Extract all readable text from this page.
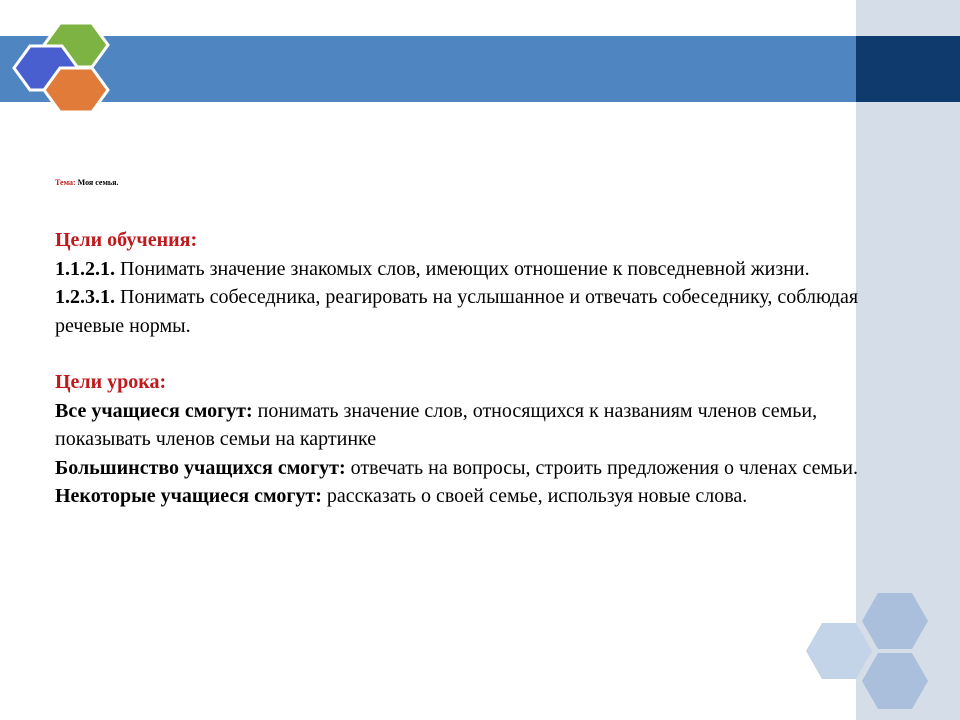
Тема: Моя семья.
Цели обучения:

1.1.2.1. Понимать значение знакомых слов, имеющих отношение к повседневной жизни.

1.2.3.1. Понимать собеседника, реагировать на услышанное и отвечать собеседнику, соблюдая речевые нормы.

Цели урока:

Все учащиеся смогут: понимать значение слов, относящихся к названиям членов семьи, показывать членов семьи на картинке

Большинство учащихся смогут: отвечать на вопросы, строить предложения о членах семьи.

Некоторые учащиеся смогут: рассказать о своей семье, используя новые слова.
